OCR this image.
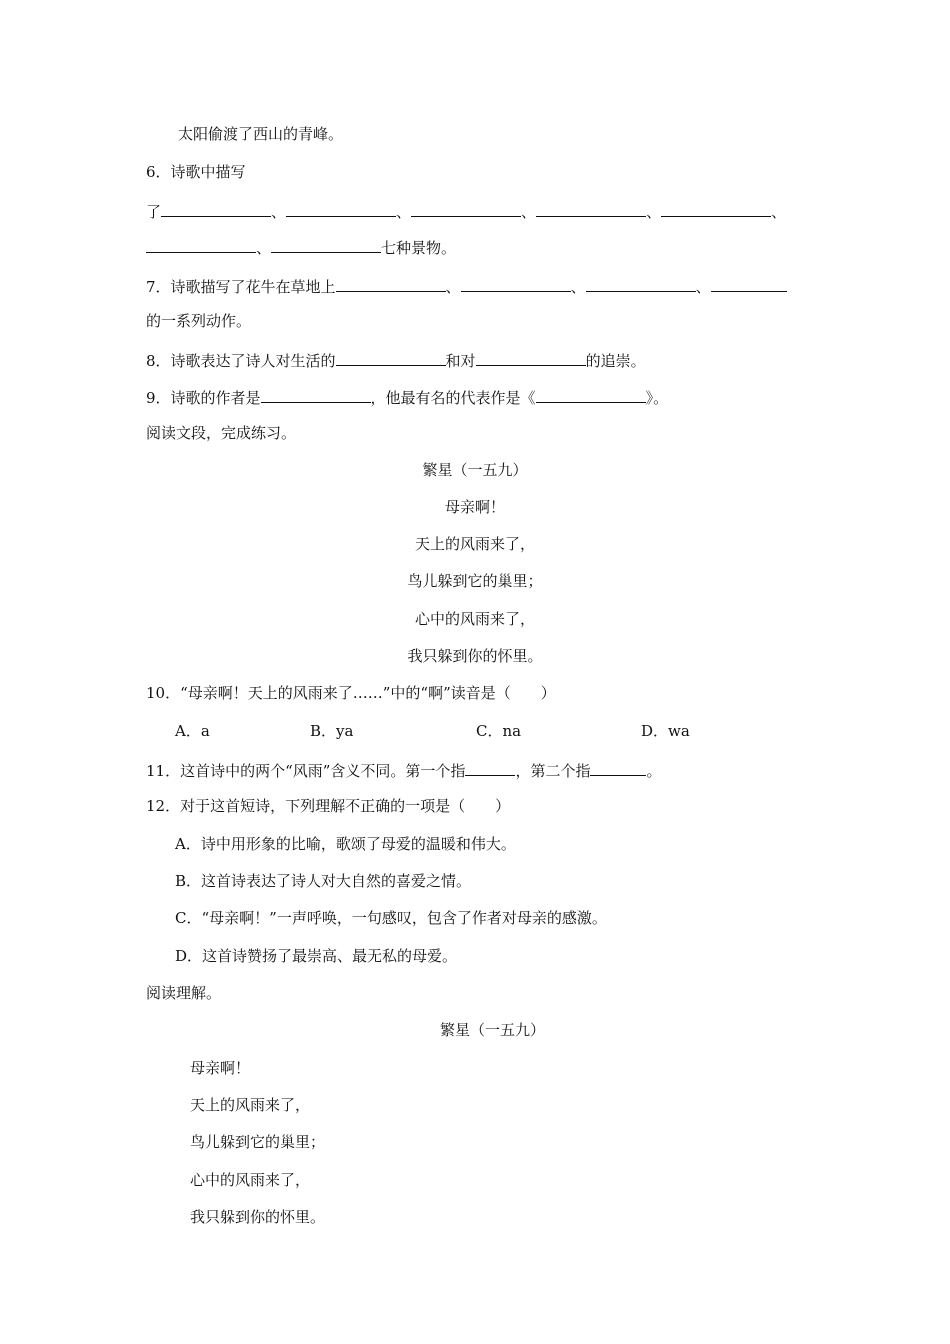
太阳偷渡了西山的青峰。
6．诗歌中描写
了	、	、	、	、	、
、	七种景物。
7．诗歌描写了花牛在草地上	、	、	、
的一系列动作。
8．诗歌表达了诗人对生活的	和对	的追崇。
9．诗歌的作者是	，他最有名的代表作是《	》。
阅读文段，完成练习。
繁星（一五九）
母亲啊！
天上的风雨来了，
鸟儿躲到它的巢里；
心中的风雨来了，
我只躲到你的怀里。
10．“母亲啊！天上的风雨来了……”中的“啊”读音是（　　）
A．a	B．ya	C．na	D．wa
11．这首诗中的两个“风雨”含义不同。第一个指	，第二个指	。
12．对于这首短诗，下列理解不正确的一项是（　　）
A．诗中用形象的比喻，歌颂了母爱的温暖和伟大。
B．这首诗表达了诗人对大自然的喜爱之情。
C．“母亲啊！”一声呼唤，一句感叹，包含了作者对母亲的感激。
D．这首诗赞扬了最崇高、最无私的母爱。
阅读理解。
繁星（一五九）
母亲啊！
天上的风雨来了，
鸟儿躲到它的巢里；
心中的风雨来了，
我只躲到你的怀里。
